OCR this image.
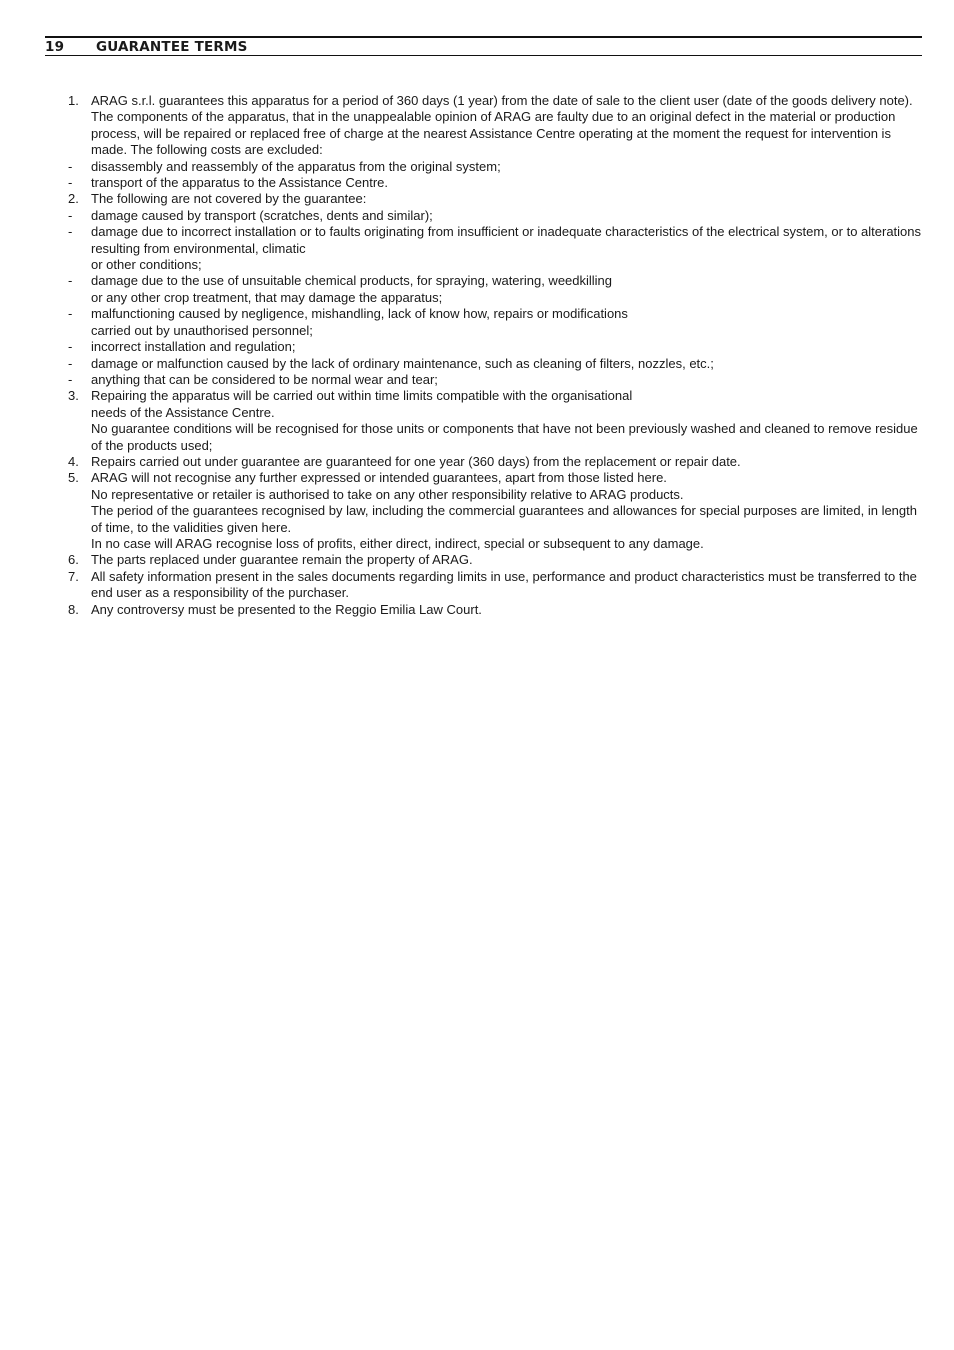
19 GUARANTEE TERMS
1. ARAG s.r.l. guarantees this apparatus for a period of 360 days (1 year) from the date of sale to the client user (date of the goods delivery note).
The components of the apparatus, that in the unappealable opinion of ARAG are faulty due to an original defect in the material or production process, will be repaired or replaced free of charge at the nearest Assistance Centre operating at the moment the request for intervention is made. The following costs are excluded:
- disassembly and reassembly of the apparatus from the original system;
- transport of the apparatus to the Assistance Centre.
2. The following are not covered by the guarantee:
- damage caused by transport (scratches, dents and similar);
- damage due to incorrect installation or to faults originating from insufficient or inadequate characteristics of the electrical system, or to alterations resulting from environmental, climatic
or other conditions;
- damage due to the use of unsuitable chemical products, for spraying, watering, weedkilling
or any other crop treatment, that may damage the apparatus;
- malfunctioning caused by negligence, mishandling, lack of know how, repairs or modifications
carried out by unauthorised personnel;
- incorrect installation and regulation;
- damage or malfunction caused by the lack of ordinary maintenance, such as cleaning of filters, nozzles, etc.;
- anything that can be considered to be normal wear and tear;
3. Repairing the apparatus will be carried out within time limits compatible with the organisational
needs of the Assistance Centre.
No guarantee conditions will be recognised for those units or components that have not been previously washed and cleaned to remove residue of the products used;
4. Repairs carried out under guarantee are guaranteed for one year (360 days) from the replacement or repair date.
5. ARAG will not recognise any further expressed or intended guarantees, apart from those listed here.
No representative or retailer is authorised to take on any other responsibility relative to ARAG products.
The period of the guarantees recognised by law, including the commercial guarantees and allowances for special purposes are limited, in length of time, to the validities given here.
In no case will ARAG recognise loss of profits, either direct, indirect, special or subsequent to any damage.
6. The parts replaced under guarantee remain the property of ARAG.
7. All safety information present in the sales documents regarding limits in use, performance and product characteristics must be transferred to the end user as a responsibility of the purchaser.
8. Any controversy must be presented to the Reggio Emilia Law Court.
